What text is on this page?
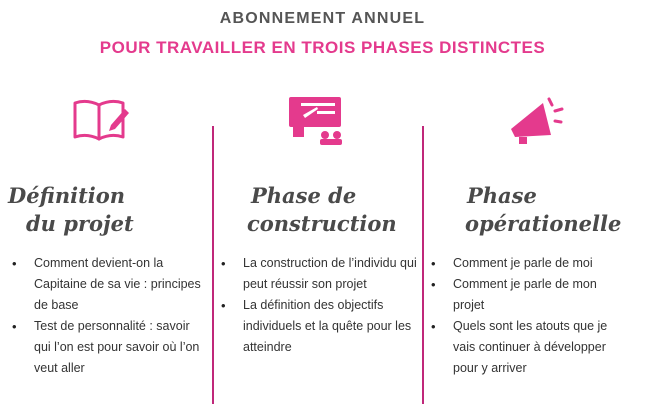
ABONNEMENT ANNUEL
POUR TRAVAILLER EN TROIS PHASES DISTINCTES
Définition
du projet
• Comment devient-on la Capitaine de sa vie : principes de base
• Test de personnalité : savoir qui l’on est pour savoir où l’on veut aller
Phase de
construction
• La construction de l’individu qui peut réussir son projet
• La définition des objectifs individuels et la quête pour les atteindre
Phase
opérationelle
• Comment je parle de moi
• Comment je parle de mon projet
• Quels sont les atouts que je vais continuer à développer pour y arriver
